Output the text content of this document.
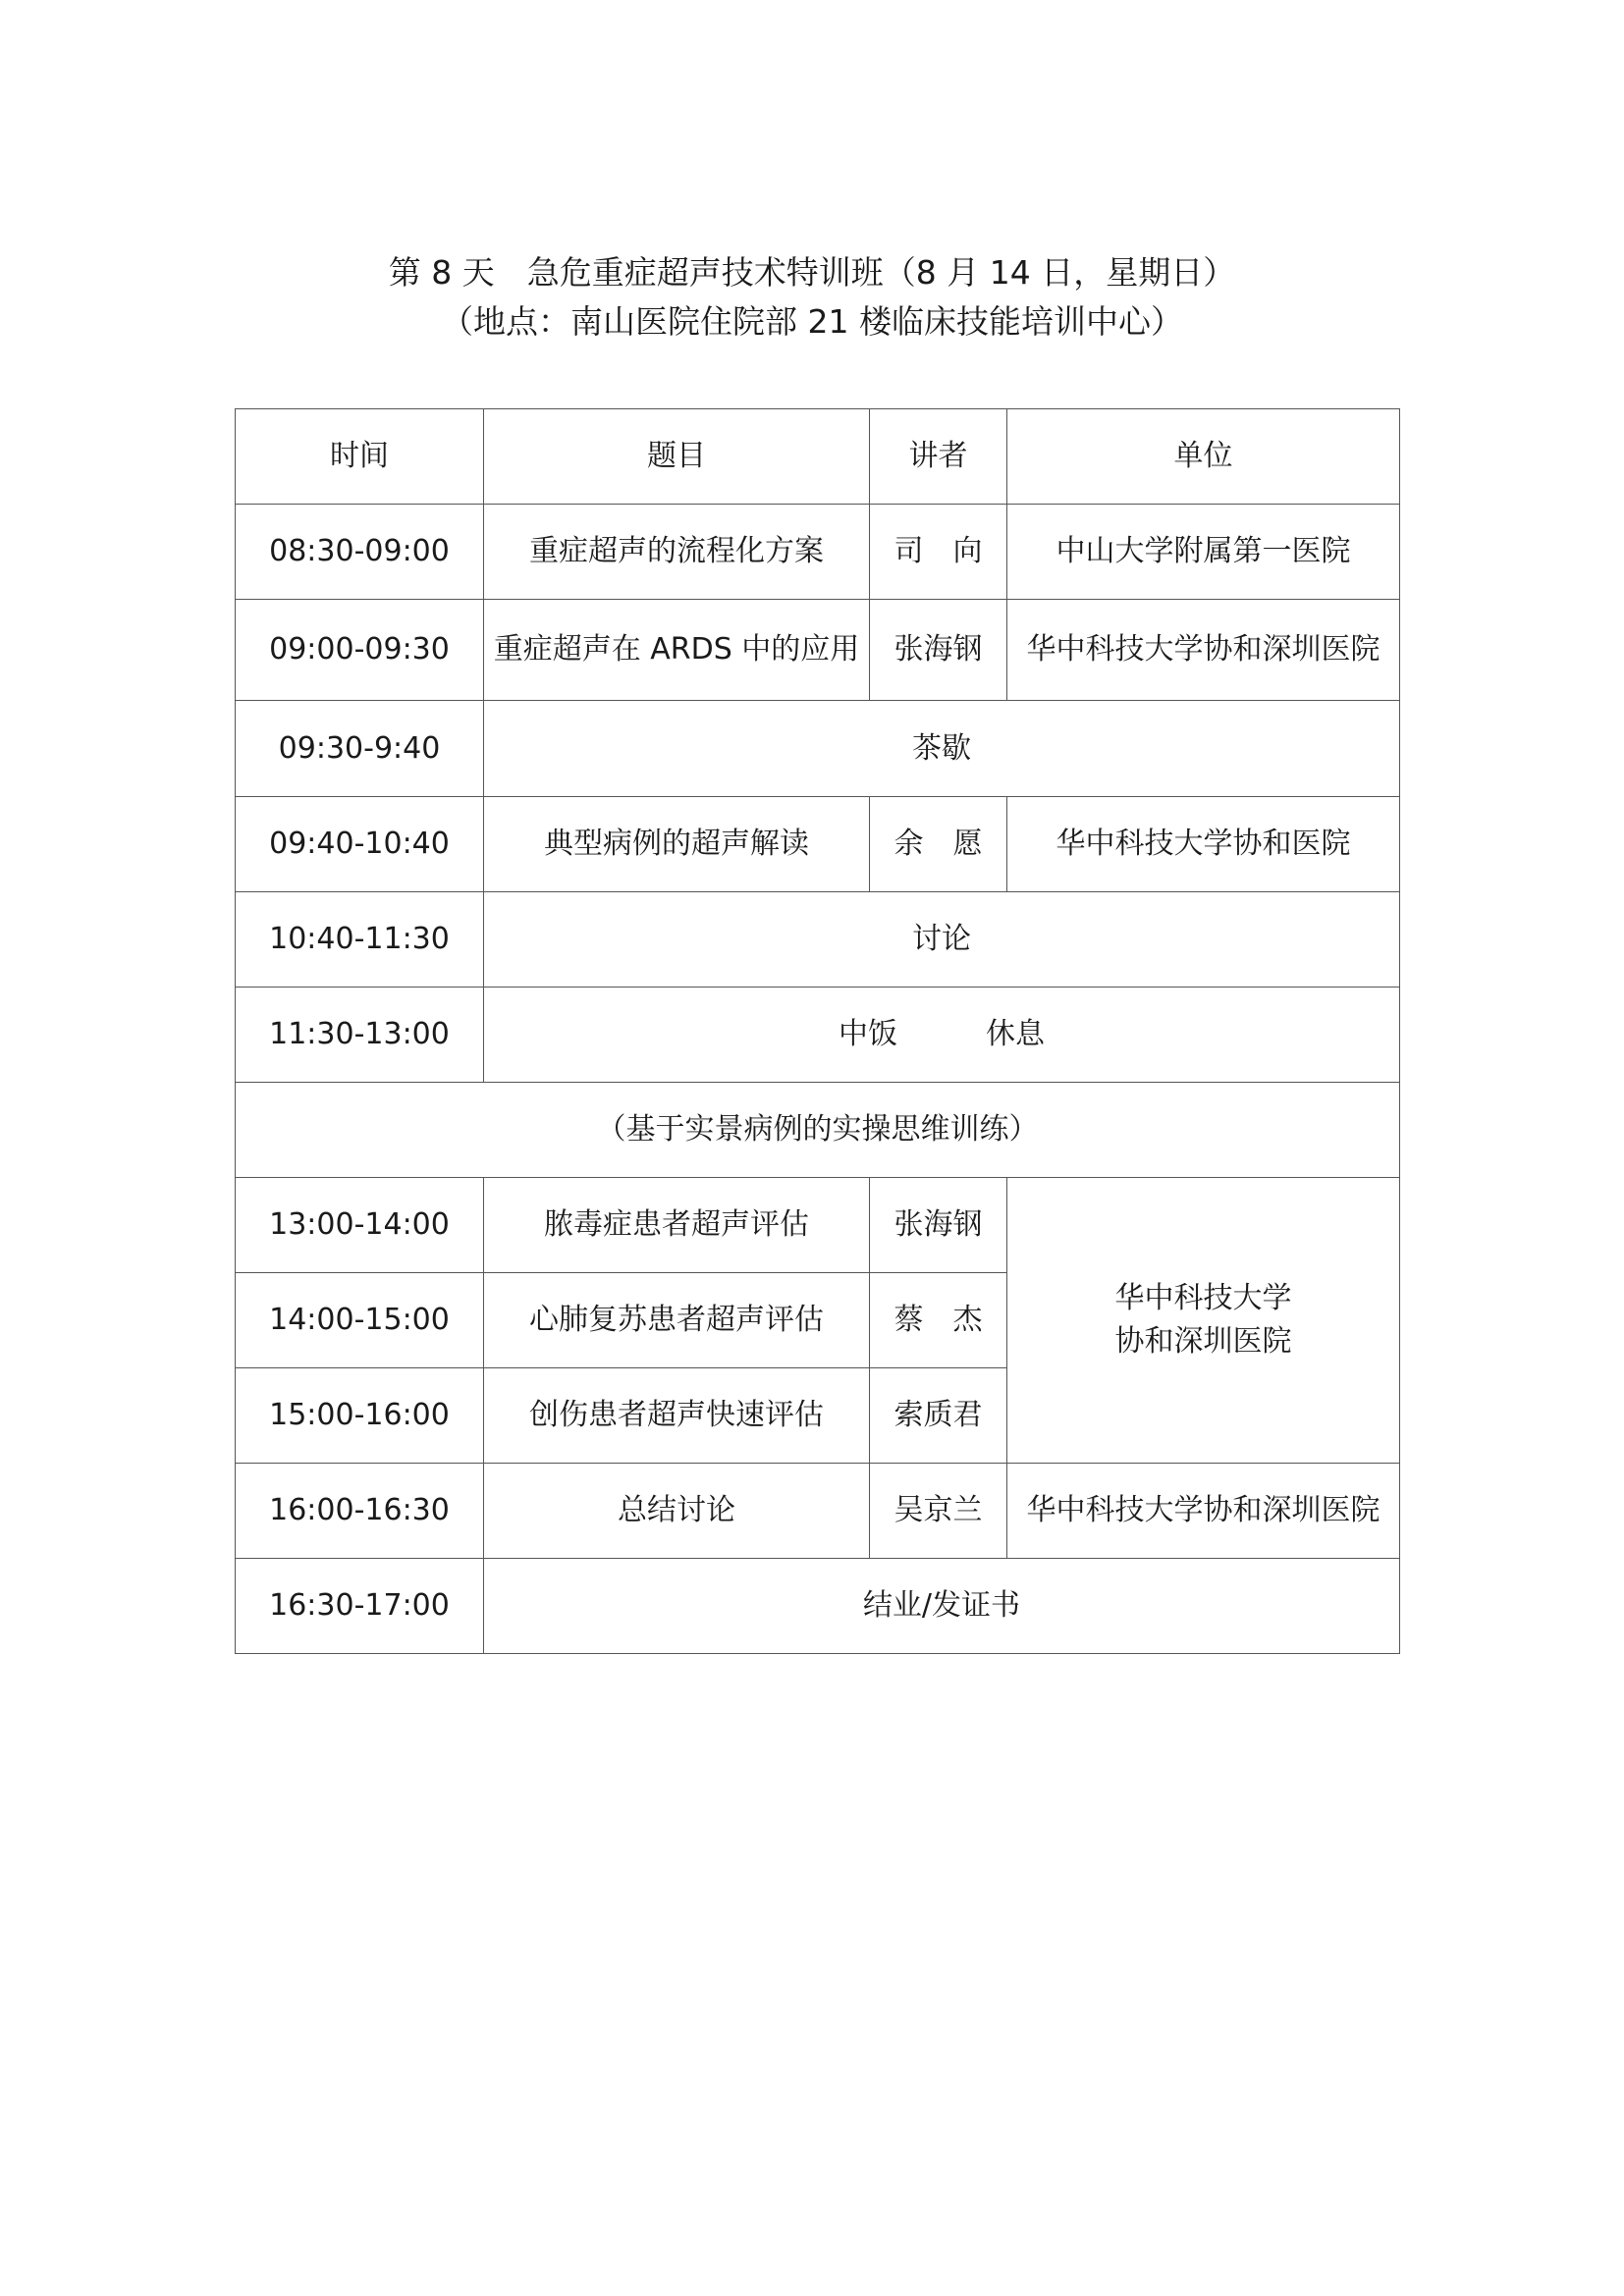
第 8 天　急危重症超声技术特训班（8 月 14 日，星期日）
（地点：南山医院住院部 21 楼临床技能培训中心）
时间	题目	讲者	单位
08:30-09:00	重症超声的流程化方案	司　向	中山大学附属第一医院
09:00-09:30	重症超声在 ARDS 中的应用	张海钢	华中科技大学协和深圳医院
09:30-9:40	茶歇		
09:40-10:40	典型病例的超声解读	余　愿	华中科技大学协和医院
10:40-11:30	讨论		
11:30-13:00	中饭　　　休息		
（基于实景病例的实操思维训练）			
13:00-14:00	脓毒症患者超声评估	张海钢	华中科技大学
协和深圳医院
14:00-15:00	心肺复苏患者超声评估	蔡　杰	
15:00-16:00	创伤患者超声快速评估	索质君	
16:00-16:30	总结讨论	吴京兰	华中科技大学协和深圳医院
16:30-17:00	结业/发证书		
